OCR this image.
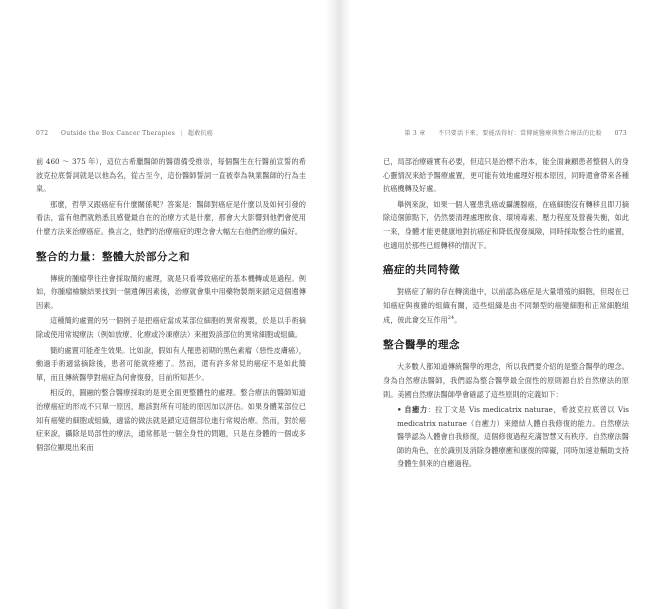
072 Outside the Box Cancer Therapies | 超敢抗癌

前 460 ～ 375 年），這位古希臘醫師的醫德備受推崇，每個醫生在行醫前宣誓的希波克拉底誓詞就是以他為名，從古至今，這份醫師誓詞一直被奉為執業醫師的行為圭臬。

那麼，哲學又跟癌症有什麼關係呢？答案是：醫師對癌症是什麼以及如何引發的看法，當有他們就熟悉且感覺最自在的治療方式是什麼，都會大大影響到他們會使用什麼方法來治療癌症。換言之，他們的治療癌症的理念會大幅左右他們治療的偏好。

整合的力量：整體大於部分之和

傳統的腫瘤學往往會採取簡約處理，就是只看導致癌症的基本機轉或是過程。例如，你腫瘤檢驗結果找到一個遺傳因素後，治療就會集中用藥物製劑來鎖定這個遺傳因素。

這種簡約處置的另一個例子是把癌症當成某部位細胞的異常複製，於是以手術摘除或使用常規療法（例如放療、化療或冷凍療法）來摧毀該部位的異常細胞或組織。

簡約處置可能產生效果。比如說，假如有人罹患初期的黑色素瘤（惡性皮膚癌），動過手術適當摘除後，患者可能就痊癒了。然而，還有許多常見的癌症不是如此簡單，而且傳統醫學對癌症為何會復發，目前所知甚少。

相反的，圓融的整合醫療採取的是更全面更整體性的處理。整合療法的醫師知道治療癌症的形成不只單一原因，應該對所有可能的原因加以評估。如果身體某部位已知有癌變的細胞或組織，適當的做法就是鎖定這個部位進行常規治療。然而，對於癌症來說，攝除是局部性的療法，通常都是一個全身性的問題，只是在身體的一個或多個部位顯現出來而

第 3 章 不只要活下來，要能活得好：當傳統醫療與整合療法的比較 073

已，局部治療確實有必要，但這只是治標不治本，能全面兼顧患者整個人的身心靈情況來給予醫療處置，更可能有效地處理好根本原因，同時還會帶來各種抗癌機轉及好處。

舉例來說，如果一個人罹患乳癌或攝護腺癌，在癌細胞沒有轉移且即刀摘除這個節點下，仍然要清理處理飲食、環境毒素、壓力程度及營養失衡，如此一來，身體才能更健康地對抗癌症和降低復發風險，同時採取整合性的處置，也適用於那些已經轉移的情況下。

癌症的共同特徵

對癌症了解的存在轉演進中，以前認為癌症是大量增殖的細胞，但現在已知癌症與複雜的組織有關，這些組織是由不同類型的癌變細胞和正常細胞組成，彼此會交互作用$^{24}$。

整合醫學的理念

大多數人都知道傳統醫學的理念，所以我們要介紹的是整合醫學的理念。身為自然療法醫師，我們認為整合醫學最全面性的原則源自於自然療法的原則。美國自然療法醫師學會確認了這些原則的定義如下：

• 自癒力：拉丁文是 Vis medicatrix naturae，希波克拉底曾以 Vis medicatrix naturae（自癒力）來總結人體自我修復的能力。自然療法醫學認為人體會自我修復，這個修復過程充滿智慧又有秩序。自然療法醫師的角色，在於識別及消除身體療癒和康復的障礙，同時加速並輔助支持身體生俱來的自癒過程。
